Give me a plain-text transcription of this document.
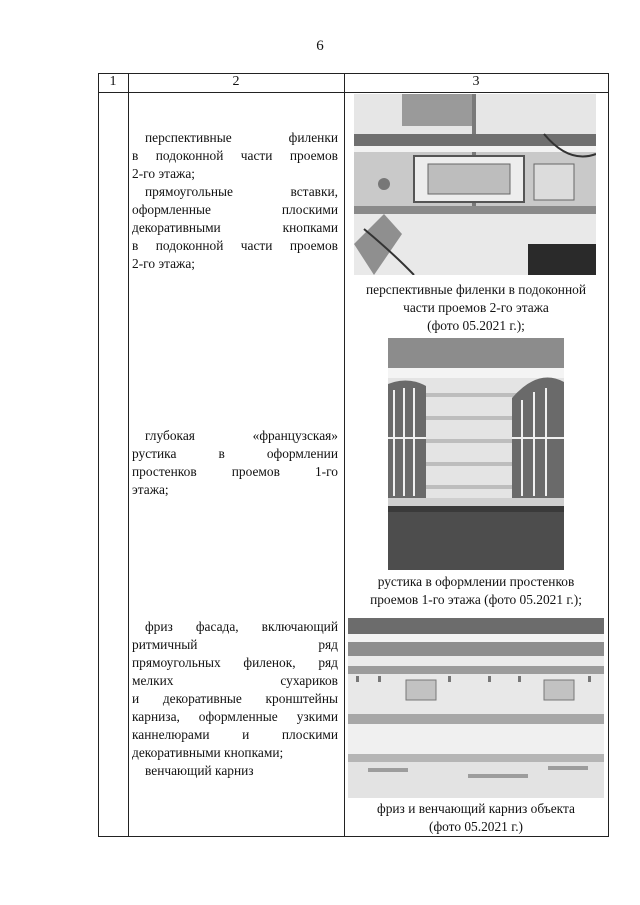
6
1	2	3

перспективные филенки

в подоконной части проемов

2-го этажа;

прямоугольные вставки,

оформленные плоскими

декоративными кнопками

в подоконной части проемов

2-го этажа;

перспективные филенки в подоконной
части проемов 2-го этажа
(фото 05.2021 г.);

глубокая «французская»

рустика в оформлении

простенков проемов 1-го

этажа;

рустика в оформлении простенков
проемов 1-го этажа (фото 05.2021 г.);

фриз фасада, включающий

ритмичный ряд

прямоугольных филенок, ряд

мелких сухариков

и декоративные кронштейны

карниза, оформленные узкими

каннелюрами и плоскими

декоративными кнопками;

венчающий карниз

фриз и венчающий карниз объекта
(фото 05.2021 г.)
